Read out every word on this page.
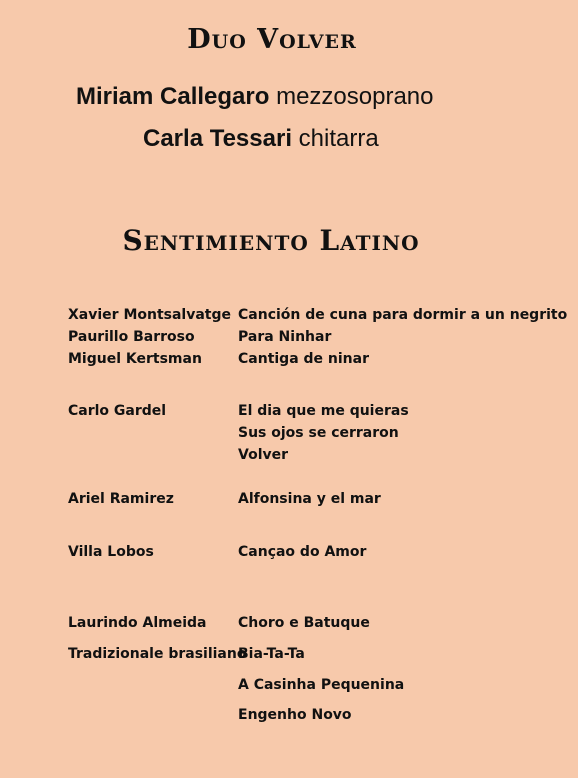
Duo Volver
Miriam Callegaro mezzosoprano
Carla Tessari chitarra
Sentimiento Latino
Xavier Montsalvatge
Paurillo Barroso
Miguel Kertsman
Carlo Gardel
Ariel Ramirez
Villa Lobos
Laurindo Almeida
Tradizionale brasiliano
Canción de cuna para dormir a un negrito
Para Ninhar
Cantiga de ninar
El dia que me quieras
Sus ojos se cerraron
Volver
Alfonsina y el mar
Cançao do Amor
Choro e Batuque
Bia-Ta-Ta
A Casinha Pequenina
Engenho Novo
